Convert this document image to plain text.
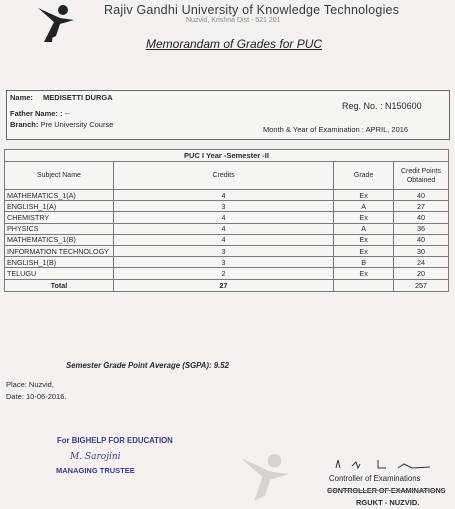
Rajiv Gandhi University of Knowledge Technologies
Nuzvid, Krishna Dist - 521 201
Memorandam of Grades for PUC
Name: MEDISETTI DURGA
Father Name: : --
Branch: Pre University Course
Reg. No. : N150600
Month & Year of Examination : APRIL, 2016
PUC I Year -Semester -II			
Subject Name	Credits	Grade	Credit Points Obtained
MATHEMATICS_1(A)	4	Ex	40
ENGLISH_1(A)	3	A	27
CHEMISTRY	4	Ex	40
PHYSICS	4	A	36
MATHEMATICS_1(B)	4	Ex	40
INFORMATION TECHNOLOGY	3	Ex	30
ENGLISH_1(B)	3	B	24
TELUGU	2	Ex	20
Total	27		257
Semester Grade Point Average (SGPA): 9.52
Place: Nuzvid,
Date: 10-06-2016.
For BIGHELP FOR EDUCATION
M. Sarojini
MANAGING TRUSTEE
Controller of Examinations
CONTROLLER OF EXAMINATIONS
RGUKT - NUZVID.
